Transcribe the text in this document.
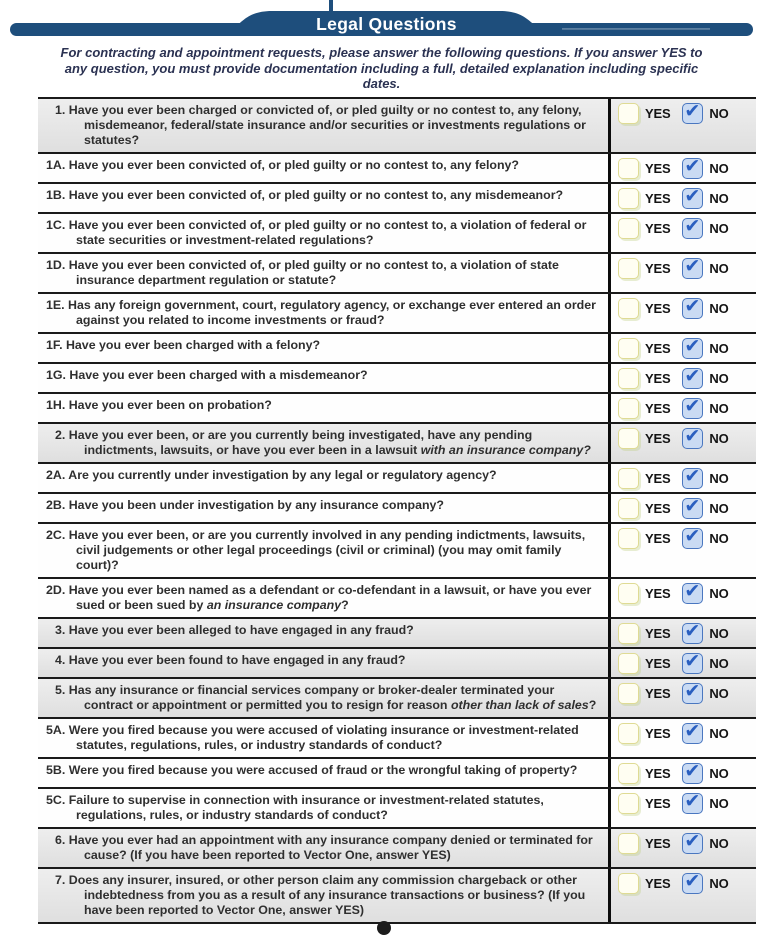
Legal Questions
For contracting and appointment requests, please answer the following questions. If you answer YES to any question, you must provide documentation including a full, detailed explanation including specific dates.
1. Have you ever been charged or convicted of, or pled guilty or no contest to, any felony, misdemeanor, federal/state insurance and/or securities or investments regulations or statutes?
YES ✔ NO
1A. Have you ever been convicted of, or pled guilty or no contest to, any felony?	YES ✔ NO
1B. Have you ever been convicted of, or pled guilty or no contest to, any misdemeanor?	YES ✔ NO
1C. Have you ever been convicted of, or pled guilty or no contest to, a violation of federal or state securities or investment-related regulations?
YES ✔ NO
1D. Have you ever been convicted of, or pled guilty or no contest to, a violation of state insurance department regulation or statute?
YES ✔ NO
1E. Has any foreign government, court, regulatory agency, or exchange ever entered an order against you related to income investments or fraud?
YES ✔ NO
1F. Have you ever been charged with a felony?	YES ✔ NO
1G. Have you ever been charged with a misdemeanor?	YES ✔ NO
1H. Have you ever been on probation?	YES ✔ NO
2. Have you ever been, or are you currently being investigated, have any pending indictments, lawsuits, or have you ever been in a lawsuit with an insurance company?
YES ✔ NO
2A. Are you currently under investigation by any legal or regulatory agency?	YES ✔ NO
2B. Have you been under investigation by any insurance company?	YES ✔ NO
2C. Have you ever been, or are you currently involved in any pending indictments, lawsuits, civil judgements or other legal proceedings (civil or criminal) (you may omit family court)?
YES ✔ NO
2D. Have you ever been named as a defendant or co-defendant in a lawsuit, or have you ever sued or been sued by an insurance company?
YES ✔ NO
3. Have you ever been alleged to have engaged in any fraud?	YES ✔ NO
4. Have you ever been found to have engaged in any fraud?	YES ✔ NO
5. Has any insurance or financial services company or broker-dealer terminated your contract or appointment or permitted you to resign for reason other than lack of sales?
YES ✔ NO
5A. Were you fired because you were accused of violating insurance or investment-related statutes, regulations, rules, or industry standards of conduct?
YES ✔ NO
5B. Were you fired because you were accused of fraud or the wrongful taking of property?	YES ✔ NO
5C. Failure to supervise in connection with insurance or investment-related statutes, regulations, rules, or industry standards of conduct?
YES ✔ NO
6. Have you ever had an appointment with any insurance company denied or terminated for cause? (If you have been reported to Vector One, answer YES)
YES ✔ NO
7. Does any insurer, insured, or other person claim any commission chargeback or other indebtedness from you as a result of any insurance transactions or business? (If you have been reported to Vector One, answer YES)
YES ✔ NO
